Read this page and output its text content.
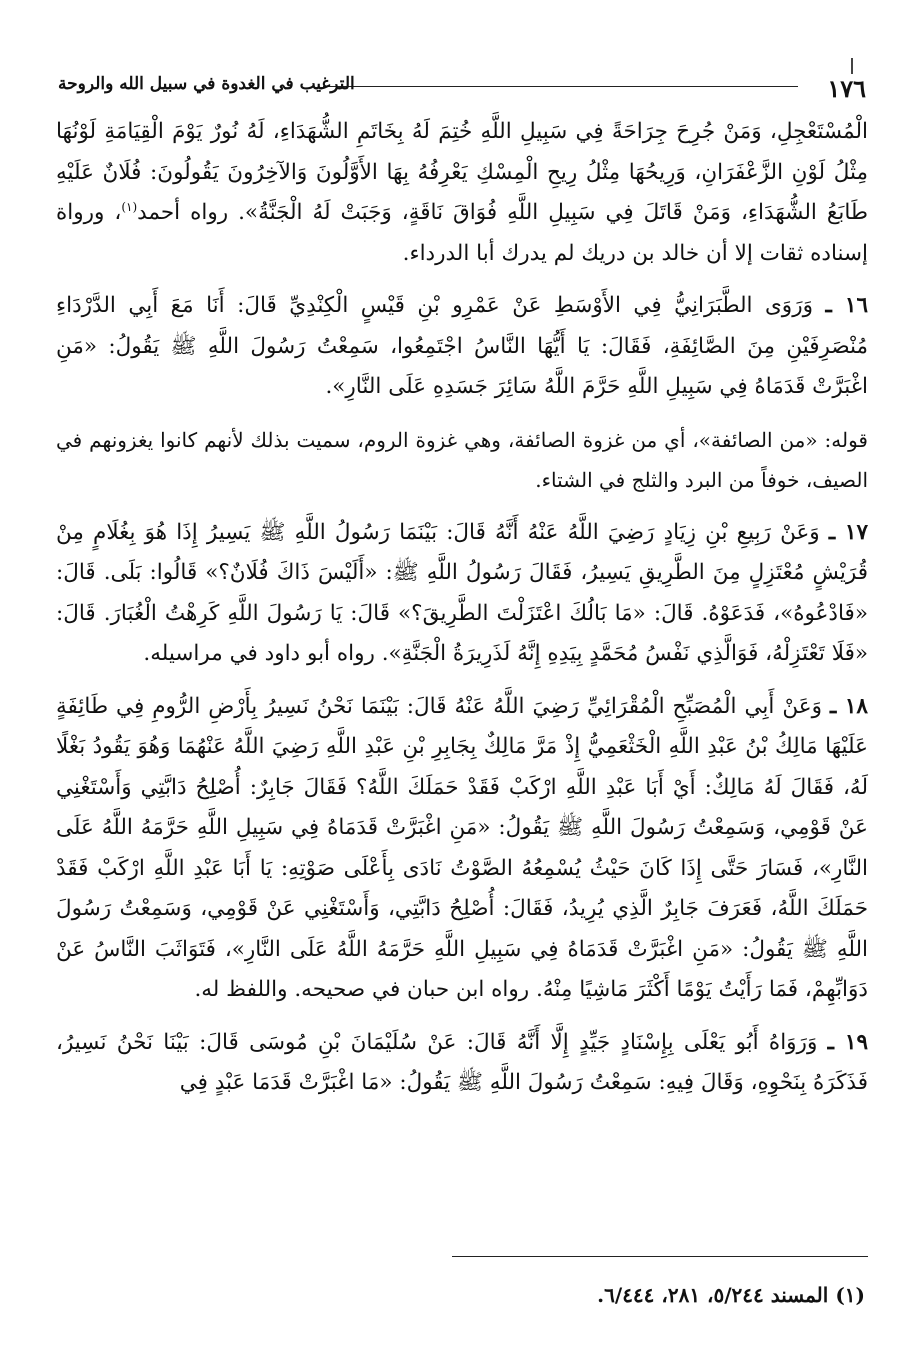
١٧٦
الترغيب في الغدوة في سبيل الله والروحة

الْمُسْتَعْجِلِ، وَمَنْ جُرِحَ جِرَاحَةً فِي سَبِيلِ اللَّهِ خُتِمَ لَهُ بِخَاتَمِ الشُّهَدَاءِ، لَهُ نُورٌ يَوْمَ الْقِيَامَةِ لَوْنُهَا مِثْلُ لَوْنِ الزَّعْفَرَانِ، وَرِيحُهَا مِثْلُ رِيحِ الْمِسْكِ يَعْرِفُهُ بِهَا الأَوَّلُونَ وَالآخِرُونَ يَقُولُونَ: فُلَانٌ عَلَيْهِ طَابَعُ الشُّهَدَاءِ، وَمَنْ قَاتَلَ فِي سَبِيلِ اللَّهِ فُوَاقَ نَاقَةٍ، وَجَبَتْ لَهُ الْجَنَّةُ». رواه أحمد$^{(١)}$، ورواة إسناده ثقات إلا أن خالد بن دريك لم يدرك أبا الدرداء.

١٦ ـ وَرَوَى الطَّبَرَانِيُّ فِي الأَوْسَطِ عَنْ عَمْرِو بْنِ قَيْسٍ الْكِنْدِيِّ قَالَ: أَنَا مَعَ أَبِي الدَّرْدَاءِ مُنْصَرِفَيْنِ مِنَ الصَّائِفَةِ، فَقَالَ: يَا أَيُّهَا النَّاسُ اجْتَمِعُوا، سَمِعْتُ رَسُولَ اللَّهِ ﷺ يَقُولُ: «مَنِ اغْبَرَّتْ قَدَمَاهُ فِي سَبِيلِ اللَّهِ حَرَّمَ اللَّهُ سَائِرَ جَسَدِهِ عَلَى النَّارِ».

قوله: «من الصائفة»، أي من غزوة الصائفة، وهي غزوة الروم، سميت بذلك لأنهم كانوا يغزونهم في الصيف، خوفاً من البرد والثلج في الشتاء.

١٧ ـ وَعَنْ رَبِيعِ بْنِ زِيَادٍ رَضِيَ اللَّهُ عَنْهُ أَنَّهُ قَالَ: بَيْنَمَا رَسُولُ اللَّهِ ﷺ يَسِيرُ إِذَا هُوَ بِغُلَامٍ مِنْ قُرَيْشٍ مُعْتَزِلٍ مِنَ الطَّرِيقِ يَسِيرُ، فَقَالَ رَسُولُ اللَّهِ ﷺ: «أَلَيْسَ ذَاكَ فُلَانٌ؟» قَالُوا: بَلَى. قَالَ: «فَادْعُوهُ»، فَدَعَوْهُ. قَالَ: «مَا بَالُكَ اعْتَزَلْتَ الطَّرِيقَ؟» قَالَ: يَا رَسُولَ اللَّهِ كَرِهْتُ الْغُبَارَ. قَالَ: «فَلَا تَعْتَزِلْهُ، فَوَالَّذِي نَفْسُ مُحَمَّدٍ بِيَدِهِ إِنَّهُ لَذَرِيرَةُ الْجَنَّةِ». رواه أبو داود في مراسيله.

١٨ ـ وَعَنْ أَبِي الْمُصَبِّحِ الْمُقْرَائِيِّ رَضِيَ اللَّهُ عَنْهُ قَالَ: بَيْنَمَا نَحْنُ نَسِيرُ بِأَرْضِ الرُّومِ فِي طَائِفَةٍ عَلَيْهَا مَالِكُ بْنُ عَبْدِ اللَّهِ الْخَثْعَمِيُّ إِذْ مَرَّ مَالِكٌ بِجَابِرِ بْنِ عَبْدِ اللَّهِ رَضِيَ اللَّهُ عَنْهُمَا وَهُوَ يَقُودُ بَغْلًا لَهُ، فَقَالَ لَهُ مَالِكٌ: أَيْ أَبَا عَبْدِ اللَّهِ ارْكَبْ فَقَدْ حَمَلَكَ اللَّهُ؟ فَقَالَ جَابِرٌ: أُصْلِحُ دَابَّتِي وَأَسْتَغْنِي عَنْ قَوْمِي، وَسَمِعْتُ رَسُولَ اللَّهِ ﷺ يَقُولُ: «مَنِ اغْبَرَّتْ قَدَمَاهُ فِي سَبِيلِ اللَّهِ حَرَّمَهُ اللَّهُ عَلَى النَّارِ»، فَسَارَ حَتَّى إِذَا كَانَ حَيْثُ يُسْمِعُهُ الصَّوْتُ نَادَى بِأَعْلَى صَوْتِهِ: يَا أَبَا عَبْدِ اللَّهِ ارْكَبْ فَقَدْ حَمَلَكَ اللَّهُ، فَعَرَفَ جَابِرٌ الَّذِي يُرِيدُ، فَقَالَ: أُصْلِحُ دَابَّتِي، وَأَسْتَغْنِي عَنْ قَوْمِي، وَسَمِعْتُ رَسُولَ اللَّهِ ﷺ يَقُولُ: «مَنِ اغْبَرَّتْ قَدَمَاهُ فِي سَبِيلِ اللَّهِ حَرَّمَهُ اللَّهُ عَلَى النَّارِ»، فَتَوَاثَبَ النَّاسُ عَنْ دَوَابِّهِمْ، فَمَا رَأَيْتُ يَوْمًا أَكْثَرَ مَاشِيًا مِنْهُ. رواه ابن حبان في صحيحه. واللفظ له.

١٩ ـ وَرَوَاهُ أَبُو يَعْلَى بِإِسْنَادٍ جَيِّدٍ إِلَّا أَنَّهُ قَالَ: عَنْ سُلَيْمَانَ بْنِ مُوسَى قَالَ: بَيْنَا نَحْنُ نَسِيرُ، فَذَكَرَهُ بِنَحْوِهِ، وَقَالَ فِيهِ: سَمِعْتُ رَسُولَ اللَّهِ ﷺ يَقُولُ: «مَا اغْبَرَّتْ قَدَمَا عَبْدٍ فِي

(١) المسند ٥/٢٤٤، ٢٨١، ٦/٤٤٤.
